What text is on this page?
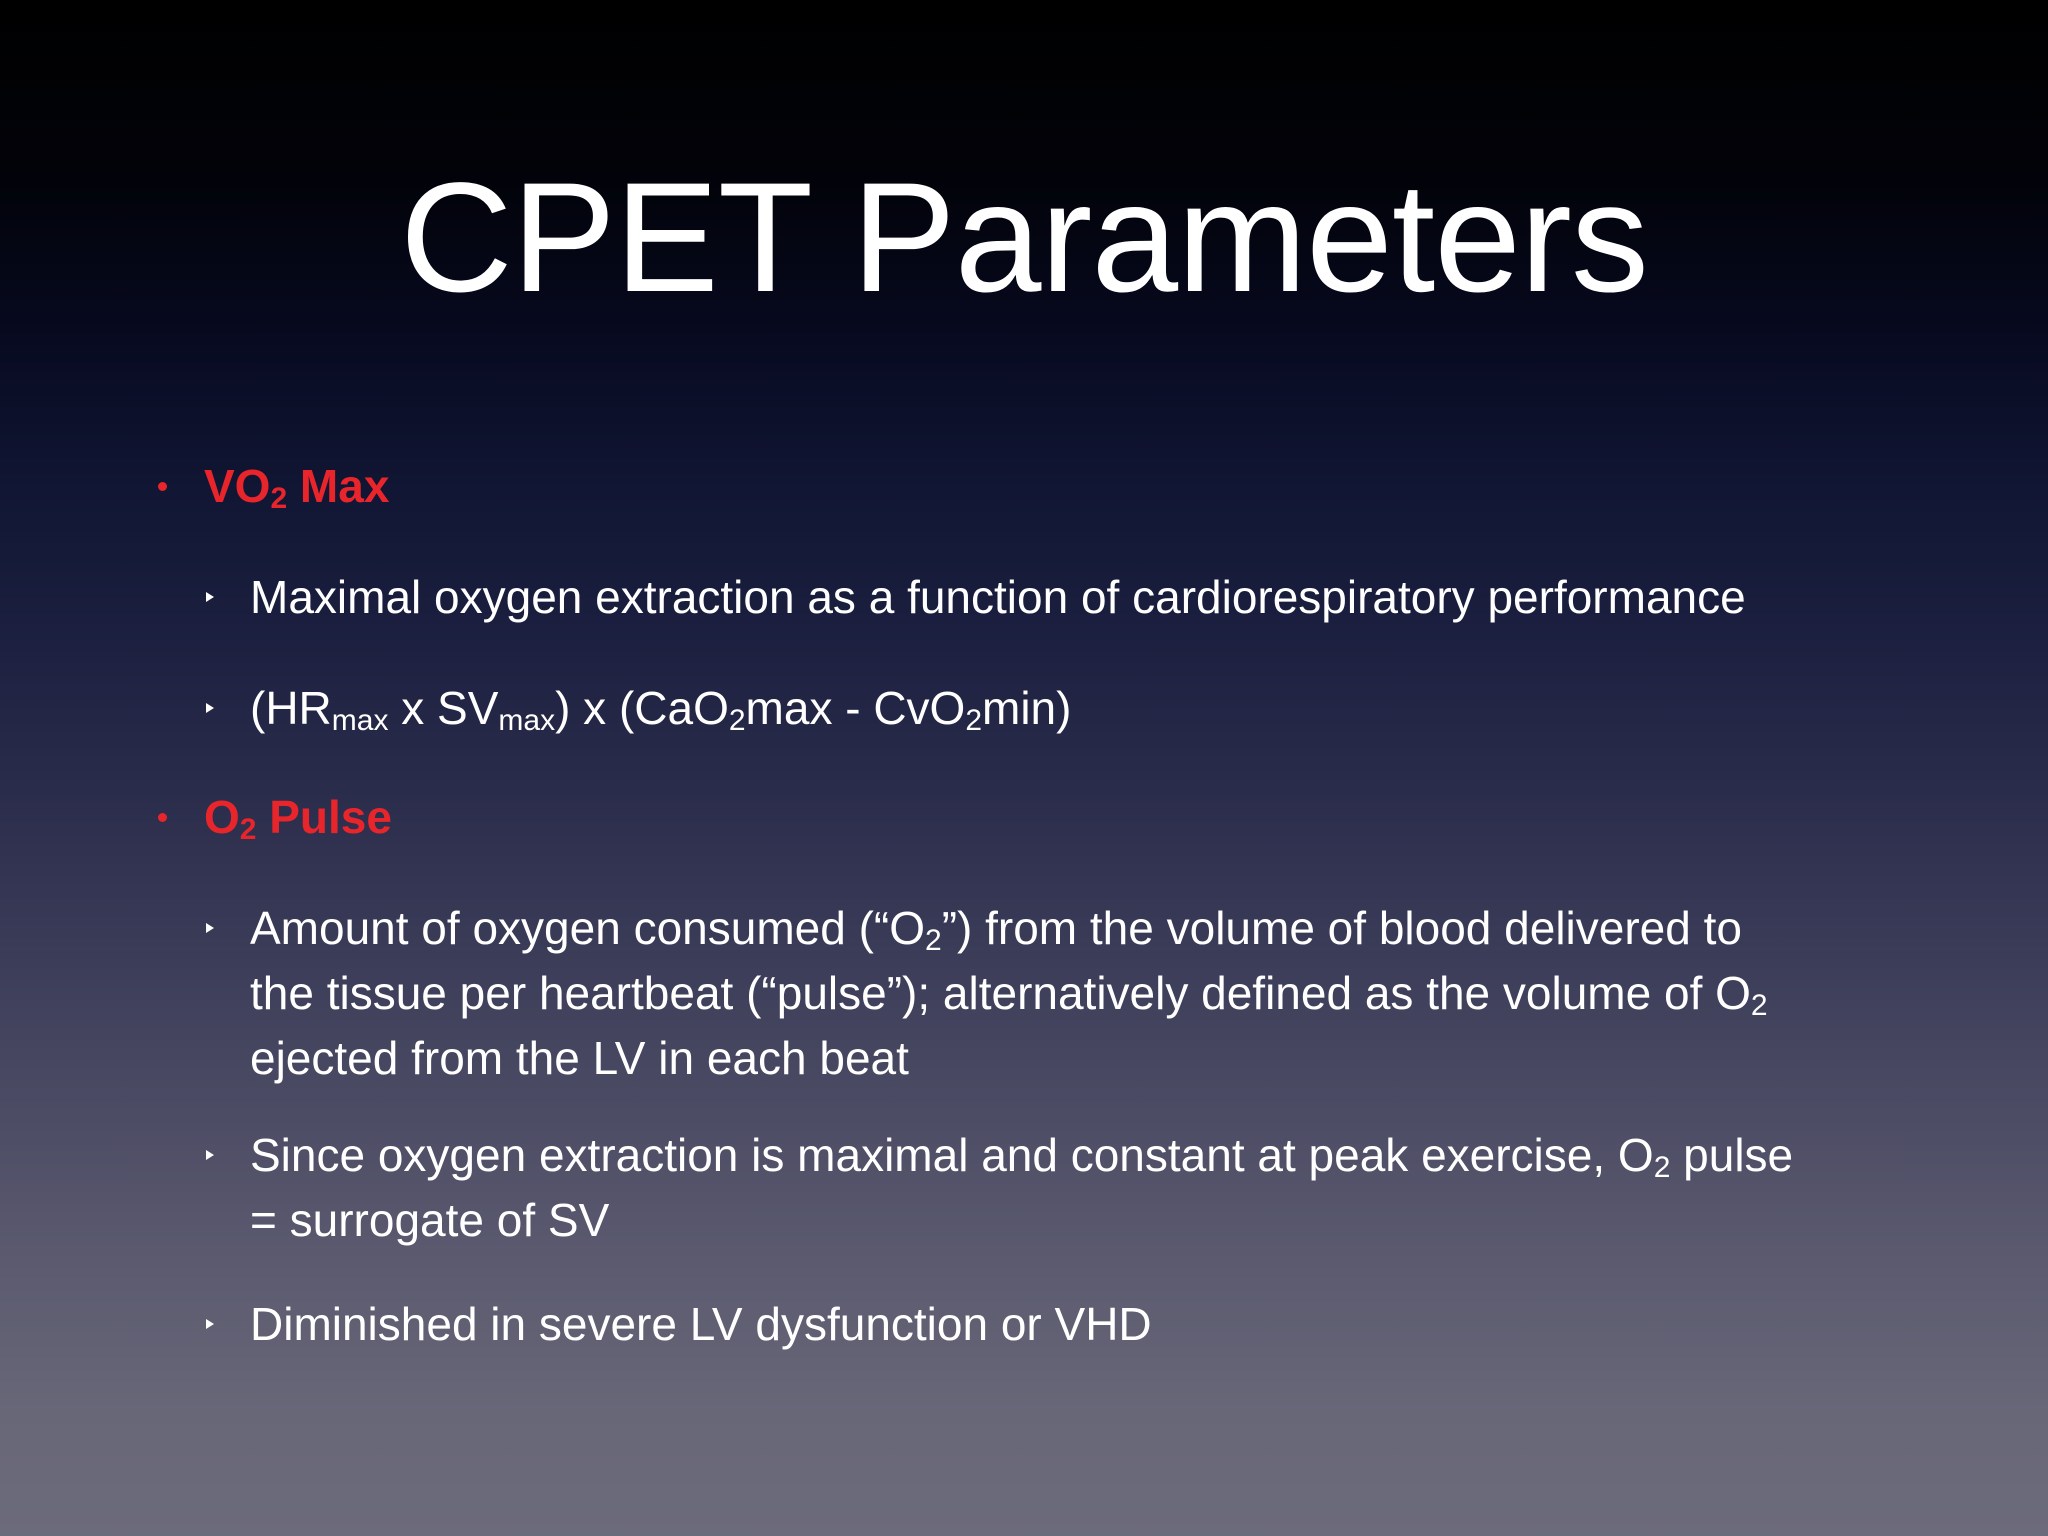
CPET Parameters
VO2 Max
Maximal oxygen extraction as a function of cardiorespiratory performance
(HRmax x SVmax) x (CaO2max - CvO2min)
O2 Pulse
Amount of oxygen consumed (“O2”) from the volume of blood delivered to
the tissue per heartbeat (“pulse”); alternatively defined as the volume of O2
ejected from the LV in each beat
Since oxygen extraction is maximal and constant at peak exercise, O2 pulse
= surrogate of SV
Diminished in severe LV dysfunction or VHD
